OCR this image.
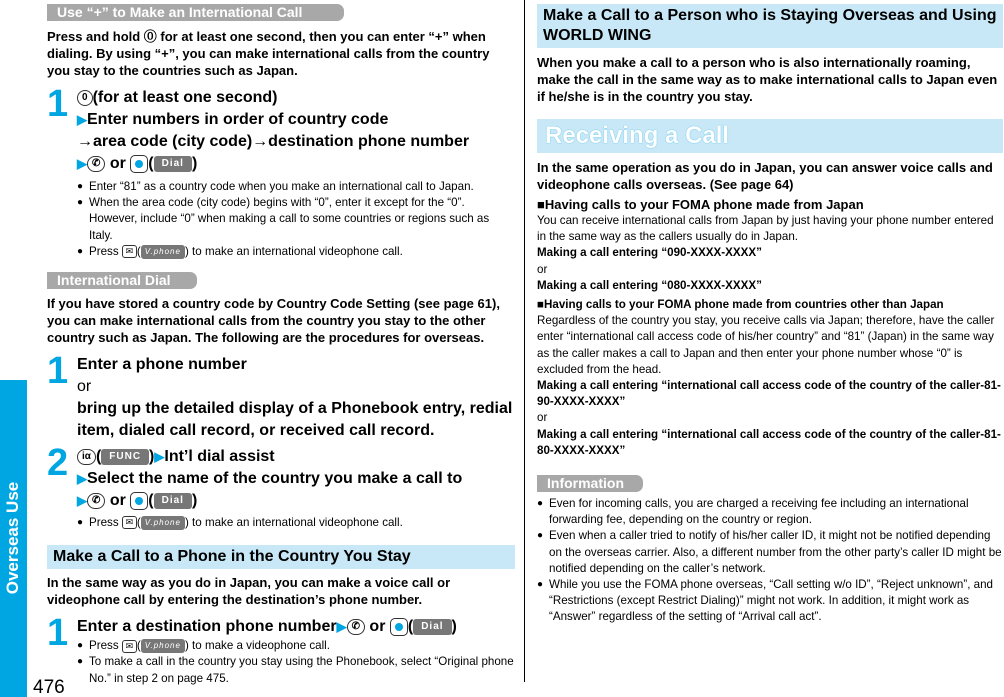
Overseas Use
476
Use “+” to Make an International Call
Press and hold ⓪ for at least one second, then you can enter “+” when dialing. By using “+”, you can make international calls from the country you stay to the countries such as Japan.
1	0 (for at least one second)
▶Enter numbers in order of country code
→area code (city code)→destination phone number
▶ ✆ or ( Dial )
● Enter “81” as a country code when you make an international call to Japan.
● When the area code (city code) begins with “0”, enter it except for the “0”. However, include “0” when making a call to some countries or regions such as Italy.
● Press ✉ ( V.phone ) to make an international videophone call.
International Dial
If you have stored a country code by Country Code Setting (see page 61), you can make international calls from the country you stay to the other country such as Japan. The following are the procedures for overseas.
1 Enter a phone number
or
bring up the detailed display of a Phonebook entry, redial item, dialed call record, or received call record.
2	iα ( FUNC )▶Int’l dial assist
▶Select the name of the country you make a call to
▶ ✆ or ( Dial )
● Press ✉ ( V.phone ) to make an international videophone call.
Make a Call to a Phone in the Country You Stay
In the same way as you do in Japan, you can make a voice call or videophone call by entering the destination’s phone number.
1 Enter a destination phone number▶ ✆ or ( Dial )
● Press ✉ ( V.phone ) to make a videophone call.
● To make a call in the country you stay using the Phonebook, select “Original phone No.” in step 2 on page 475.
Make a Call to a Person who is Staying Overseas and Using WORLD WING
When you make a call to a person who is also internationally roaming, make the call in the same way as to make international calls to Japan even if he/she is in the country you stay.
Receiving a Call
In the same operation as you do in Japan, you can answer voice calls and videophone calls overseas. (See page 64)
■Having calls to your FOMA phone made from Japan
You can receive international calls from Japan by just having your phone number entered in the same way as the callers usually do in Japan.
Making a call entering “090-XXXX-XXXX”
or
Making a call entering “080-XXXX-XXXX”
■Having calls to your FOMA phone made from countries other than Japan
Regardless of the country you stay, you receive calls via Japan; therefore, have the caller enter “international call access code of his/her country” and “81” (Japan) in the same way as the caller makes a call to Japan and then enter your phone number whose “0” is excluded from the head.
Making a call entering “international call access code of the country of the caller-81-90-XXXX-XXXX”
or
Making a call entering “international call access code of the country of the caller-81-80-XXXX-XXXX”
Information
● Even for incoming calls, you are charged a receiving fee including an international forwarding fee, depending on the country or region.
● Even when a caller tried to notify of his/her caller ID, it might not be notified depending on the overseas carrier. Also, a different number from the other party’s caller ID might be notified depending on the caller’s network.
● While you use the FOMA phone overseas, “Call setting w/o ID”, “Reject unknown”, and “Restrictions (except Restrict Dialing)” might not work. In addition, it might work as “Answer” regardless of the setting of “Arrival call act”.
